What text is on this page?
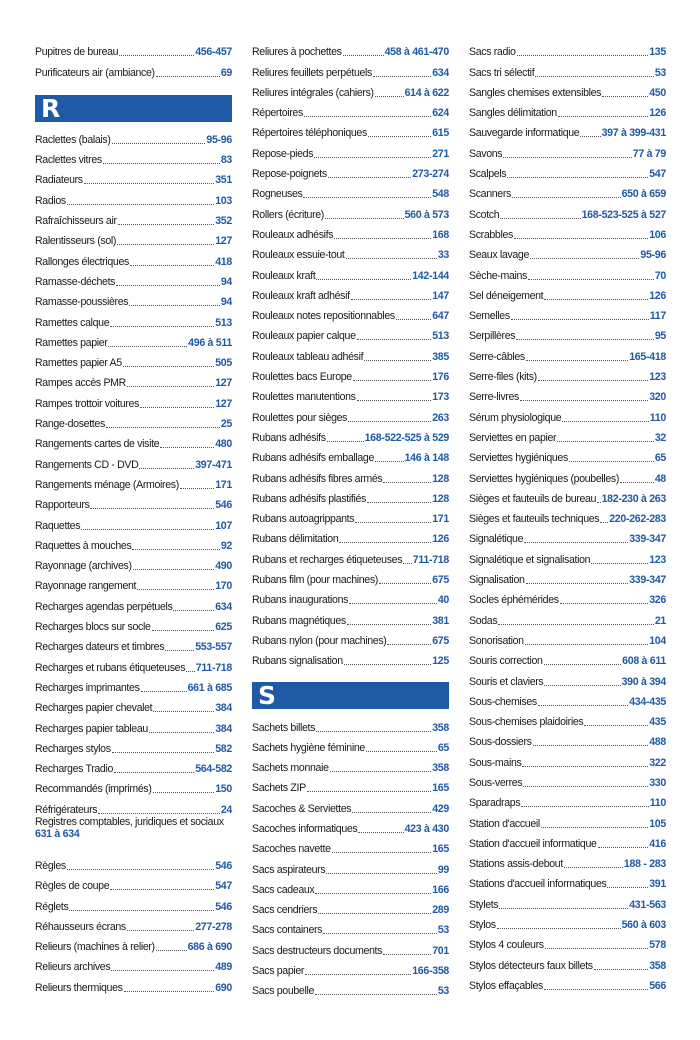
Pupitres de bureau	456-457
Purificateurs air (ambiance)	69
R
Raclettes (balais)	95-96
Raclettes vitres	83
Radiateurs	351
Radios	103
Rafraîchisseurs air	352
Ralentisseurs (sol)	127
Rallonges électriques	418
Ramasse-déchets	94
Ramasse-poussières	94
Ramettes calque	513
Ramettes papier	496 à 511
Ramettes papier A5	505
Rampes accès PMR	127
Rampes trottoir voitures	127
Range-dosettes	25
Rangements cartes de visite	480
Rangements CD - DVD	397-471
Rangements ménage (Armoires)	171
Rapporteurs	546
Raquettes	107
Raquettes à mouches	92
Rayonnage (archives)	490
Rayonnage rangement	170
Recharges agendas perpétuels	634
Recharges blocs sur socle	625
Recharges dateurs et timbres	553-557
Recharges et rubans étiqueteuses 711-718
Recharges imprimantes	661 à 685
Recharges papier chevalet	384
Recharges papier tableau	384
Recharges stylos	582
Recharges Tradio	564-582
Recommandés (imprimés)	150
Réfrigérateurs	24
Registres comptables, juridiques et sociaux 631 à 634
Règles	546
Règles de coupe	547
Réglets	546
Réhausseurs écrans	277-278
Relieurs (machines à relier)	686 à 690
Relieurs archives	489
Relieurs thermiques	690
Reliures à pochettes	458 à 461-470
Reliures feuillets perpétuels	634
Reliures intégrales (cahiers)	614 à 622
Répertoires	624
Répertoires téléphoniques	615
Repose-pieds	271
Repose-poignets	273-274
Rogneuses	548
Rollers (écriture)	560 à 573
Rouleaux adhésifs	168
Rouleaux essuie-tout	33
Rouleaux kraft	142-144
Rouleaux kraft adhésif	147
Rouleaux notes repositionnables	647
Rouleaux papier calque	513
Rouleaux tableau adhésif	385
Roulettes bacs Europe	176
Roulettes manutentions	173
Roulettes pour sièges	263
Rubans adhésifs	168-522-525 à 529
Rubans adhésifs emballage	146 à 148
Rubans adhésifs fibres armés	128
Rubans adhésifs plastifiés	128
Rubans autoagrippants	171
Rubans délimitation	126
Rubans et recharges étiqueteuses 711-718
Rubans film (pour machines)	675
Rubans inaugurations	40
Rubans magnétiques	381
Rubans nylon (pour machines)	675
Rubans signalisation	125
S
Sachets billets	358
Sachets hygiène féminine	65
Sachets monnaie	358
Sachets ZIP	165
Sacoches & Serviettes	429
Sacoches informatiques	423 à 430
Sacoches navette	165
Sacs aspirateurs	99
Sacs cadeaux	166
Sacs cendriers	289
Sacs containers	53
Sacs destructeurs documents	701
Sacs papier	166-358
Sacs poubelle	53
Sacs radio	135
Sacs tri sélectif	53
Sangles chemises extensibles	450
Sangles délimitation	126
Sauvegarde informatique 397 à 399-431
Savons	77 à 79
Scalpels	547
Scanners	650 à 659
Scotch	168-523-525 à 527
Scrabbles	106
Seaux lavage	95-96
Sèche-mains	70
Sel déneigement	126
Semelles	117
Serpillères	95
Serre-câbles	165-418
Serre-files (kits)	123
Serre-livres	320
Sérum physiologique	110
Serviettes en papier	32
Serviettes hygiéniques	65
Serviettes hygiéniques (poubelles)	48
Sièges et fauteuils de bureau 182-230 à 263
Sièges et fauteuils techniques 220-262-283
Signalétique	339-347
Signalétique et signalisation	123
Signalisation	339-347
Socles éphémérides	326
Sodas	21
Sonorisation	104
Souris correction	608 à 611
Souris et claviers	390 à 394
Sous-chemises	434-435
Sous-chemises plaidoiries	435
Sous-dossiers	488
Sous-mains	322
Sous-verres	330
Sparadraps	110
Station d'accueil	105
Station d'accueil informatique	416
Stations assis-debout	188 - 283
Stations d'accueil informatiques	391
Stylets	431-563
Stylos	560 à 603
Stylos 4 couleurs	578
Stylos détecteurs faux billets	358
Stylos effaçables	566
